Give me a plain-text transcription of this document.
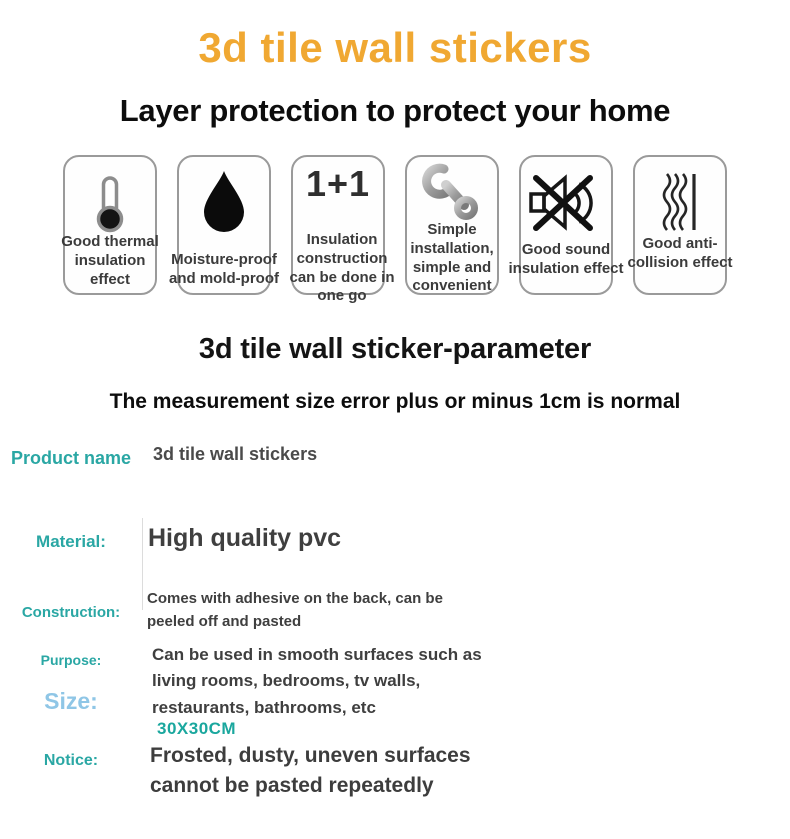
3d tile wall stickers
Layer protection to protect your home
Good thermal insulation effect
Moisture-proof and mold-proof
1+1
Insulation construction can be done in one go
Simple installation, simple and convenient
Good sound insulation effect
Good anti-collision effect
3d tile wall sticker-parameter
The measurement size error plus or minus 1cm is normal
Product name	3d tile wall stickers
Material:	High quality pvc
Construction:
Comes with adhesive on the back, can be peeled off and pasted
Purpose:	Can be used in smooth surfaces such as living rooms, bedrooms, tv walls, restaurants, bathrooms, etc
Size:
30X30CM
Notice:	Frosted, dusty, uneven surfaces cannot be pasted repeatedly
